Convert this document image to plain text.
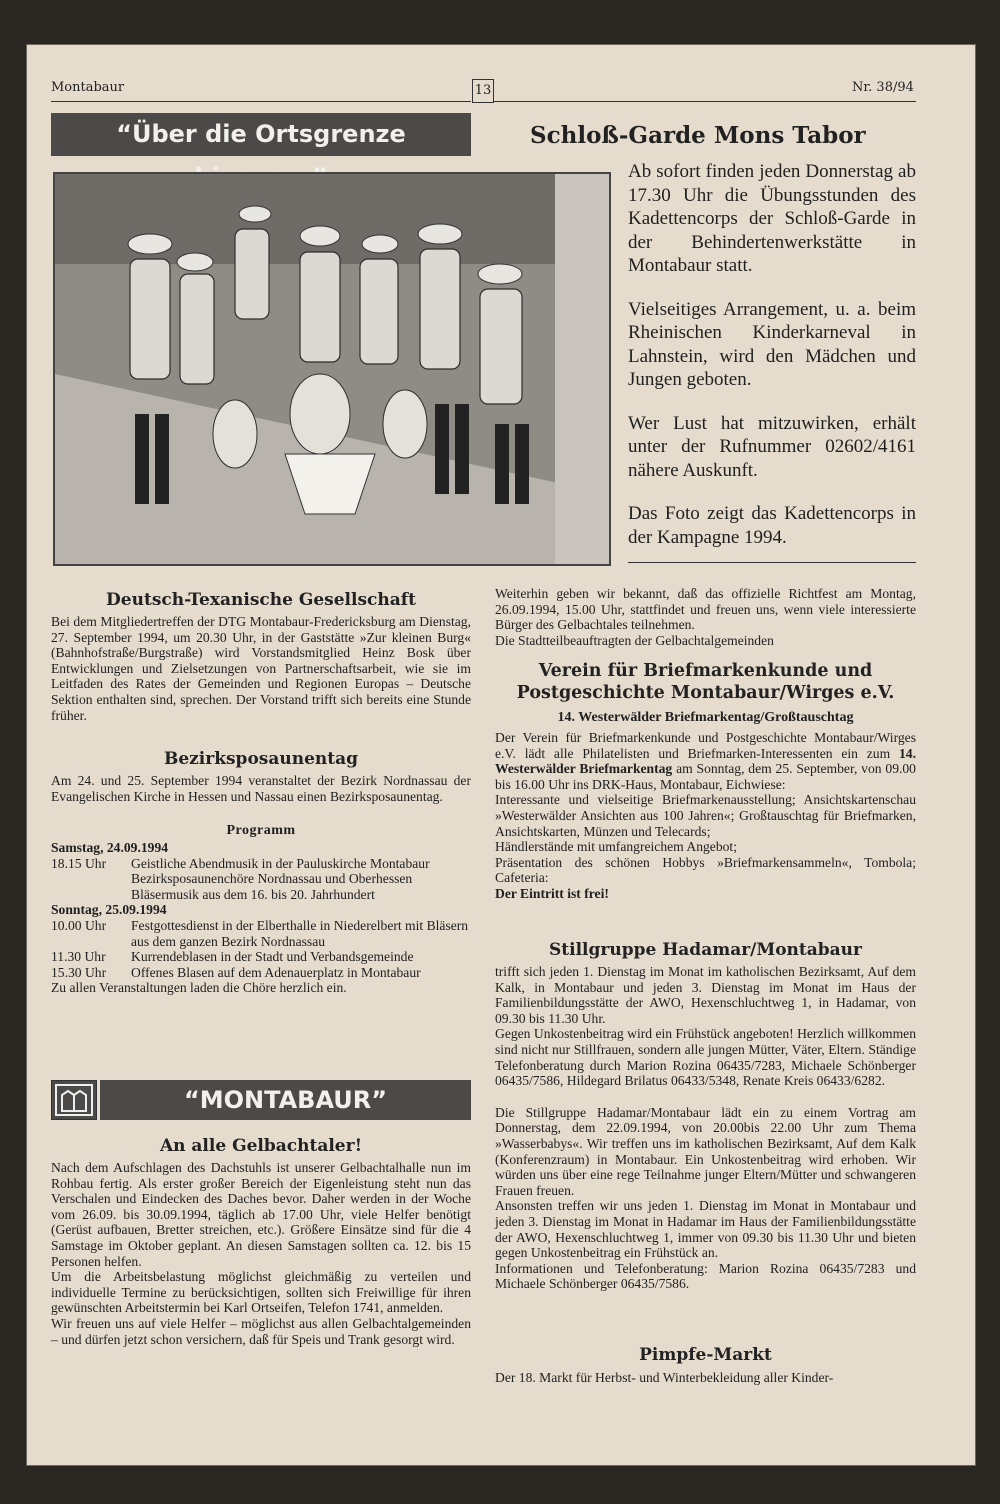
Montabaur	13	Nr. 38/94
“Über die Ortsgrenze	Schloß-Garde Mons Tabor

Ab sofort finden jeden Donnerstag ab 17.30 Uhr die Übungsstunden des Kadettencorps der Schloß-Garde in der Behindertenwerkstätte in Montabaur statt.

Vielseitiges Arrangement, u. a. beim Rheinischen Kinderkarneval in Lahnstein, wird den Mädchen und Jungen geboten.

Wer Lust hat mitzuwirken, erhält unter der Rufnummer 02602/4161 nähere Auskunft.

Das Foto zeigt das Kadettencorps in der Kampagne 1994.

Deutsch-Texanische Gesellschaft

Bei dem Mitgliedertreffen der DTG Montabaur-Fredericksburg am Dienstag, 27. September 1994, um 20.30 Uhr, in der Gaststätte »Zur kleinen Burg« (Bahnhofstraße/Burgstraße) wird Vorstandsmitglied Heinz Bosk über Entwicklungen und Zielsetzungen von Partnerschaftsarbeit, wie sie im Leitfaden des Rates der Gemeinden und Regionen Europas – Deutsche Sektion enthalten sind, sprechen. Der Vorstand trifft sich bereits eine Stunde früher.

Bezirksposaunentag

Am 24. und 25. September 1994 veranstaltet der Bezirk Nordnassau der Evangelischen Kirche in Hessen und Nassau einen Bezirksposaunentag.

Programm
Samstag, 24.09.1994
18.15 Uhr	Geistliche Abendmusik in der Pauluskirche Montabaur
Bezirksposaunenchöre Nordnassau und Oberhessen
Bläsermusik aus dem 16. bis 20. Jahrhundert
Sonntag, 25.09.1994
10.00 Uhr	Festgottesdienst in der Elberthalle in Niederelbert mit Bläsern aus dem ganzen Bezirk Nordnassau
11.30 Uhr	Kurrendeblasen in der Stadt und Verbandsgemeinde
15.30 Uhr	Offenes Blasen auf dem Adenauerplatz in Montabaur
Zu allen Veranstaltungen laden die Chöre herzlich ein.
“MONTABAUR”
An alle Gelbachtaler!

Nach dem Aufschlagen des Dachstuhls ist unserer Gelbachtalhalle nun im Rohbau fertig. Als erster großer Bereich der Eigenleistung steht nun das Verschalen und Eindecken des Daches bevor. Daher werden in der Woche vom 26.09. bis 30.09.1994, täglich ab 17.00 Uhr, viele Helfer benötigt (Gerüst aufbauen, Bretter streichen, etc.). Größere Einsätze sind für die 4 Samstage im Oktober geplant. An diesen Samstagen sollten ca. 12. bis 15 Personen helfen.

Um die Arbeitsbelastung möglichst gleichmäßig zu verteilen und individuelle Termine zu berücksichtigen, sollten sich Freiwillige für ihren gewünschten Arbeitstermin bei Karl Ortseifen, Telefon 1741, anmelden.

Wir freuen uns auf viele Helfer – möglichst aus allen Gelbachtalgemeinden – und dürfen jetzt schon versichern, daß für Speis und Trank gesorgt wird.

Weiterhin geben wir bekannt, daß das offizielle Richtfest am Montag, 26.09.1994, 15.00 Uhr, stattfindet und freuen uns, wenn viele interessierte Bürger des Gelbachtales teilnehmen.

Die Stadtteilbeauftragten der Gelbachtalgemeinden

Verein für Briefmarkenkunde und Postgeschichte Montabaur/Wirges e.V.
14. Westerwälder Briefmarkentag/Großtauschtag

Der Verein für Briefmarkenkunde und Postgeschichte Montabaur/Wirges e.V. lädt alle Philatelisten und Briefmarken-Interessenten ein zum 14. Westerwälder Briefmarkentag am Sonntag, dem 25. September, von 09.00 bis 16.00 Uhr ins DRK-Haus, Montabaur, Eichwiese:

Interessante und vielseitige Briefmarkenausstellung; Ansichtskartenschau »Westerwälder Ansichten aus 100 Jahren«; Großtauschtag für Briefmarken, Ansichtskarten, Münzen und Telecards;

Händlerstände mit umfangreichem Angebot;

Präsentation des schönen Hobbys »Briefmarkensammeln«, Tombola; Cafeteria:

Der Eintritt ist frei!

Stillgruppe Hadamar/Montabaur

trifft sich jeden 1. Dienstag im Monat im katholischen Bezirksamt, Auf dem Kalk, in Montabaur und jeden 3. Dienstag im Monat im Haus der Familienbildungsstätte der AWO, Hexenschluchtweg 1, in Hadamar, von 09.30 bis 11.30 Uhr.

Gegen Unkostenbeitrag wird ein Frühstück angeboten! Herzlich willkommen sind nicht nur Stillfrauen, sondern alle jungen Mütter, Väter, Eltern. Ständige Telefonberatung durch Marion Rozina 06435/7283, Michaele Schönberger 06435/7586, Hildegard Brilatus 06433/5348, Renate Kreis 06433/6282.

Die Stillgruppe Hadamar/Montabaur lädt ein zu einem Vortrag am Donnerstag, dem 22.09.1994, von 20.00bis 22.00 Uhr zum Thema »Wasserbabys«. Wir treffen uns im katholischen Bezirksamt, Auf dem Kalk (Konferenzraum) in Montabaur. Ein Unkostenbeitrag wird erhoben. Wir würden uns über eine rege Teilnahme junger Eltern/Mütter und schwangeren Frauen freuen.

Ansonsten treffen wir uns jeden 1. Dienstag im Monat in Montabaur und jeden 3. Dienstag im Monat in Hadamar im Haus der Familienbildungsstätte der AWO, Hexenschluchtweg 1, immer von 09.30 bis 11.30 Uhr und bieten gegen Unkostenbeitrag ein Frühstück an.

Informationen und Telefonberatung: Marion Rozina 06435/7283 und Michaele Schönberger 06435/7586.

Pimpfe-Markt

Der 18. Markt für Herbst- und Winterbekleidung aller Kinder-
